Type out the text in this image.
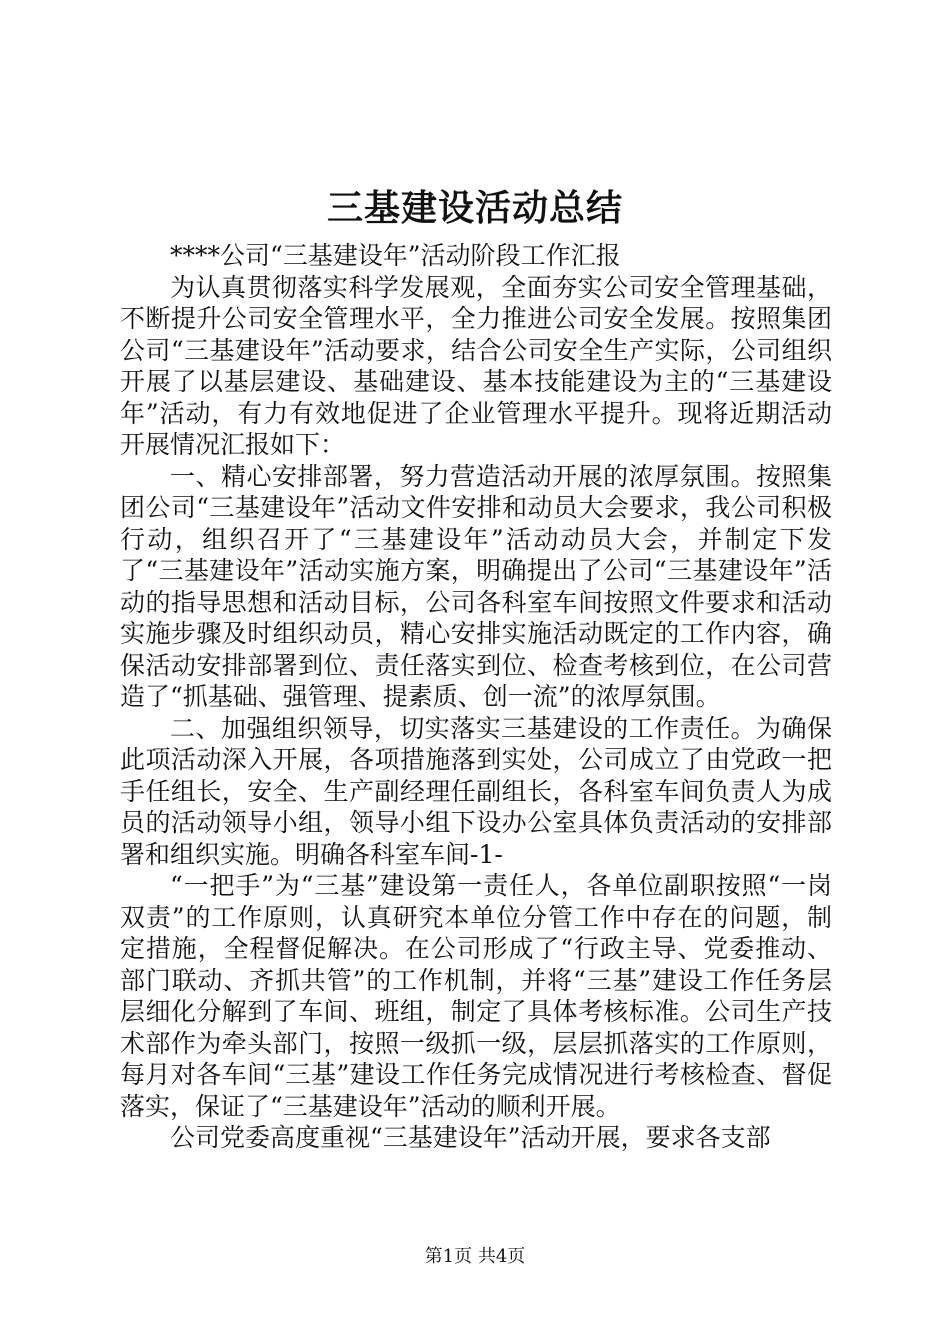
三基建设活动总结

****公司“三基建设年”活动阶段工作汇报

为认真贯彻落实科学发展观，全面夯实公司安全管理基础，不断提升公司安全管理水平，全力推进公司安全发展。按照集团公司“三基建设年”活动要求，结合公司安全生产实际，公司组织开展了以基层建设、基础建设、基本技能建设为主的“三基建设年”活动，有力有效地促进了企业管理水平提升。现将近期活动开展情况汇报如下：

一、精心安排部署，努力营造活动开展的浓厚氛围。按照集团公司“三基建设年”活动文件安排和动员大会要求，我公司积极行动，组织召开了“三基建设年”活动动员大会，并制定下发了“三基建设年”活动实施方案，明确提出了公司“三基建设年”活动的指导思想和活动目标，公司各科室车间按照文件要求和活动实施步骤及时组织动员，精心安排实施活动既定的工作内容，确保活动安排部署到位、责任落实到位、检查考核到位，在公司营造了“抓基础、强管理、提素质、创一流”的浓厚氛围。

二、加强组织领导，切实落实三基建设的工作责任。为确保此项活动深入开展，各项措施落到实处，公司成立了由党政一把手任组长，安全、生产副经理任副组长，各科室车间负责人为成员的活动领导小组，领导小组下设办公室具体负责活动的安排部署和组织实施。明确各科室车间-1-

“一把手”为“三基”建设第一责任人，各单位副职按照“一岗双责”的工作原则，认真研究本单位分管工作中存在的问题，制定措施，全程督促解决。在公司形成了“行政主导、党委推动、部门联动、齐抓共管”的工作机制，并将“三基”建设工作任务层层细化分解到了车间、班组，制定了具体考核标准。公司生产技术部作为牵头部门，按照一级抓一级，层层抓落实的工作原则，每月对各车间“三基”建设工作任务完成情况进行考核检查、督促落实，保证了“三基建设年”活动的顺利开展。

公司党委高度重视“三基建设年”活动开展，要求各支部

第1页 共4页
